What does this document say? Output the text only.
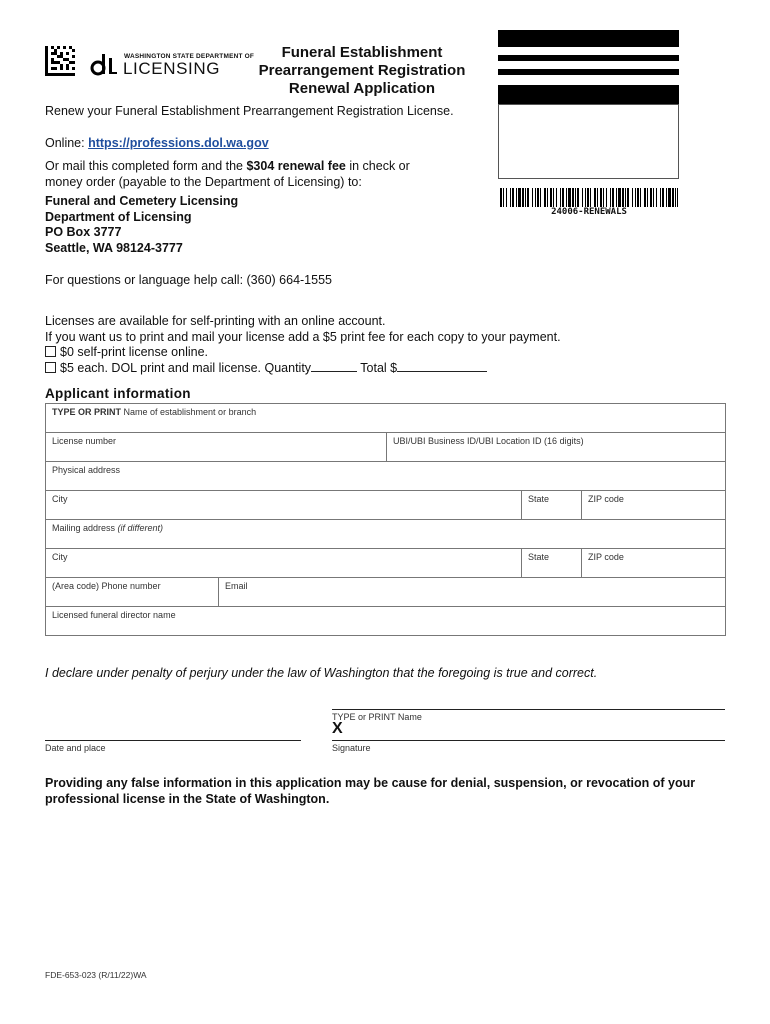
WASHINGTON STATE DEPARTMENT OF
LICENSING
Funeral Establishment
Prearrangement Registration
Renewal Application
24006-RENEWALS
Renew your Funeral Establishment Prearrangement Registration License.
Online: https://professions.dol.wa.gov
Or mail this completed form and the $304 renewal fee in check or
money order (payable to the Department of Licensing) to:
Funeral and Cemetery Licensing
Department of Licensing
PO Box 3777
Seattle, WA 98124-3777
For questions or language help call: (360) 664-1555
Licenses are available for self-printing with an online account.
If you want us to print and mail your license add a $5 print fee for each copy to your payment.
$0 self-print license online.
$5 each. DOL print and mail license. Quantity	Total $
Applicant information
TYPE OR PRINT Name of establishment or branch				
License number		UBI/UBI Business ID/UBI Location ID (16 digits)		
Physical address				
City			State	ZIP code
Mailing address (if different)				
City			State	ZIP code
(Area code) Phone number	Email			
Licensed funeral director name				
I declare under penalty of perjury under the law of Washington that the foregoing is true and correct.
TYPE or PRINT Name
X
Date and place	Signature
Providing any false information in this application may be cause for denial, suspension, or revocation of your professional license in the State of Washington.
FDE-653-023 (R/11/22)WA
